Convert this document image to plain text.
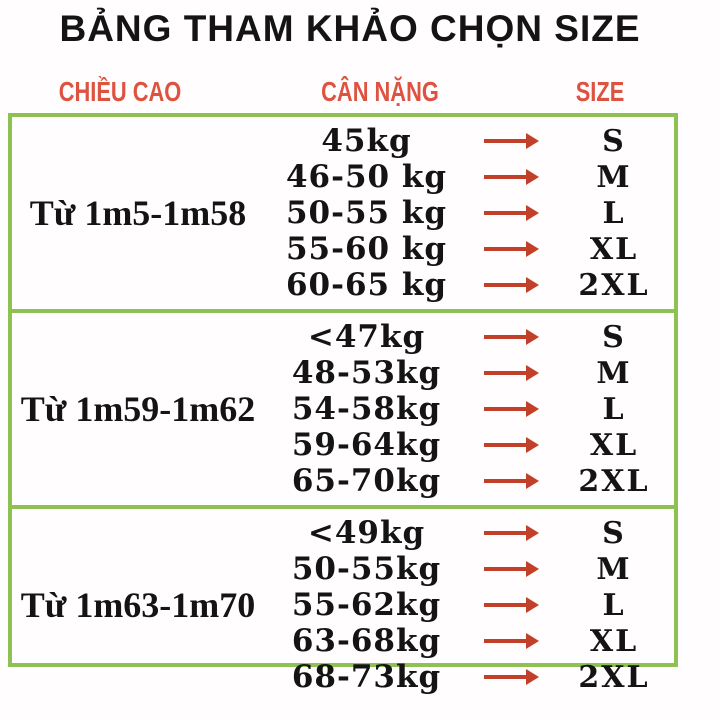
BẢNG THAM KHẢO CHỌN SIZE
CHIỀU CAO	CÂN NẶNG	SIZE
Từ 1m5-1m58
45kg	S
46-50 kg	M
50-55 kg	L
55-60 kg	XL
60-65 kg	2XL
Từ 1m59-1m62
<47kg	S
48-53kg	M
54-58kg	L
59-64kg	XL
65-70kg	2XL
Từ 1m63-1m70
<49kg	S
50-55kg	M
55-62kg	L
63-68kg	XL
68-73kg	2XL
